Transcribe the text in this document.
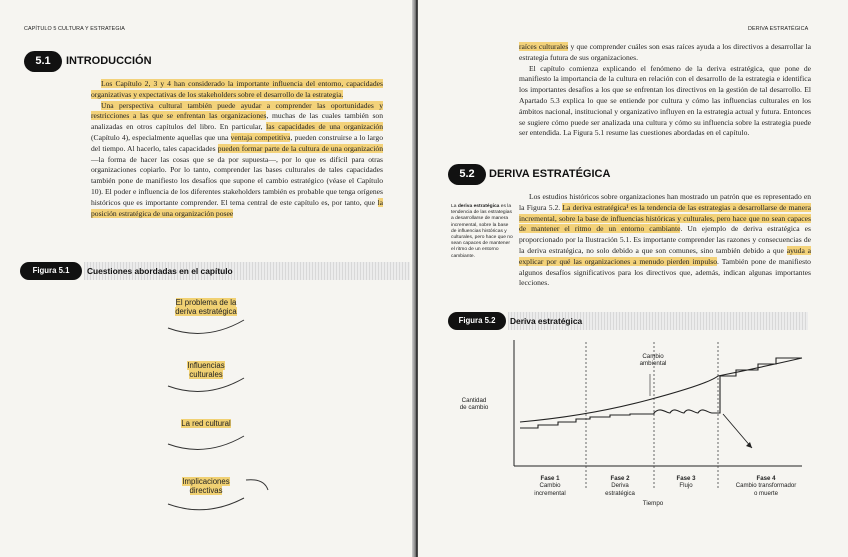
CAPÍTULO 5 CULTURA Y ESTRATEGIA
5.1	INTRODUCCIÓN

Los Capítulo 2, 3 y 4 han considerado la importante influencia del entorno, capacidades organizativas y expectativas de los stakeholders sobre el desarrollo de la estrategia.

Una perspectiva cultural también puede ayudar a comprender las oportunidades y restricciones a las que se enfrentan las organizaciones, muchas de las cuales también son analizadas en otros capítulos del libro. En particular, las capacidades de una organización (Capítulo 4), especialmente aquellas que una ventaja competitiva, pueden construirse a lo largo del tiempo. Al hacerlo, tales capacidades pueden formar parte de la cultura de una organización —la forma de hacer las cosas que se da por supuesta—, por lo que es difícil para otras organizaciones copiarlo. Por lo tanto, comprender las bases culturales de tales capacidades también pone de manifiesto los desafíos que supone el cambio estratégico (véase el Capítulo 10). El poder e influencia de los diferentes stakeholders también es probable que tenga orígenes históricos que es importante comprender. El tema central de este capítulo es, por tanto, que la posición estratégica de una organización posee

Figura 5.1	Cuestiones abordadas en el capítulo
El problema de la deriva estratégica
Influencias culturales
La red cultural
Implicaciones directivas
DERIVA ESTRATÉGICA

raíces culturales y que comprender cuáles son esas raíces ayuda a los directivos a desarrollar la estrategia futura de sus organizaciones.

El capítulo comienza explicando el fenómeno de la deriva estratégica, que pone de manifiesto la importancia de la cultura en relación con el desarrollo de la estrategia e identifica los importantes desafíos a los que se enfrentan los directivos en la gestión de tal desarrollo. El Apartado 5.3 explica lo que se entiende por cultura y cómo las influencias culturales en los ámbitos nacional, institucional y organizativo influyen en la estrategia actual y futura. Entonces se sugiere cómo puede ser analizada una cultura y cómo su influencia sobre la estrategia puede ser entendida. La Figura 5.1 resume las cuestiones abordadas en el capítulo.

5.2	DERIVA ESTRATÉGICA
La deriva estratégica es la tendencia de las estrategias a desarrollarse de manera incremental, sobre la base de influencias históricas y culturales, pero hace que no sean capaces de mantener el ritmo de un entorno cambiante.

Los estudios históricos sobre organizaciones han mostrado un patrón que es representado en la Figura 5.2. La deriva estratégica¹ es la tendencia de las estrategias a desarrollarse de manera incremental, sobre la base de influencias históricas y culturales, pero hace que no sean capaces de mantener el ritmo de un entorno cambiante. Un ejemplo de deriva estratégica es proporcionado por la Ilustración 5.1. Es importante comprender las razones y consecuencias de la deriva estratégica, no solo debido a que son comunes, sino también debido a que ayuda a explicar por qué las organizaciones a menudo pierden impulso. También pone de manifiesto algunos desafíos significativos para los directivos que, además, indican algunas importantes lecciones.

Figura 5.2	Deriva estratégica
Cantidad
de cambio
Cambio
ambiental
Fase 1
Cambio
incremental
Fase 2
Deriva
estratégica
Fase 3
Flujo
Fase 4
Cambio transformador
o muerte
Tiempo
